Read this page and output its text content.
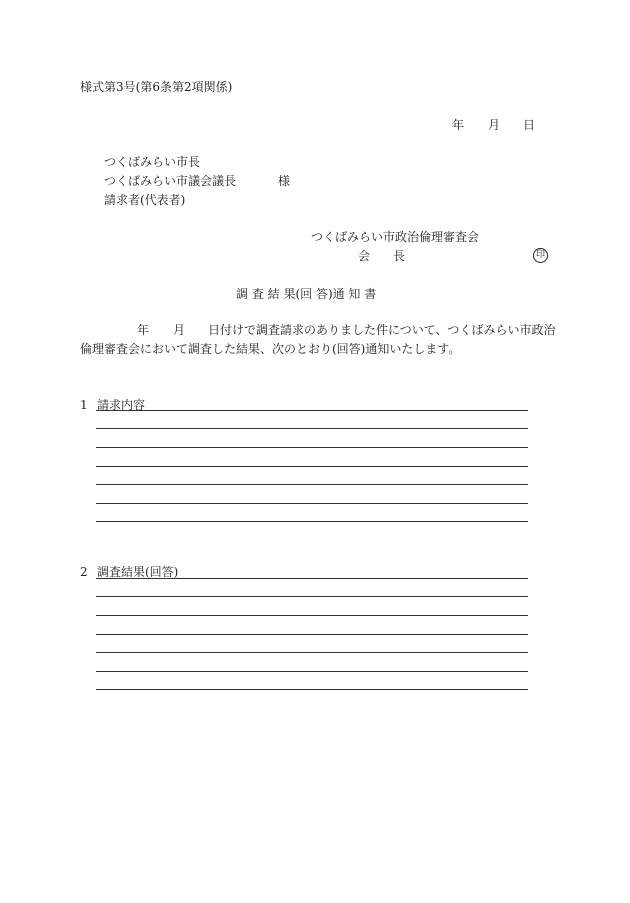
様式第3号(第6条第2項関係)
年 月 日
つくばみらい市長
つくばみらい市議会議長	様
請求者(代表者)
つくばみらい市政治倫理審査会
会 長	印
調 査 結 果(回 答)通 知 書
年 月 日付けで調査請求のありました件について、つくばみらい市政治
倫理審査会において調査した結果、次のとおり(回答)通知いたします。
1 請求内容
2 調査結果(回答)
